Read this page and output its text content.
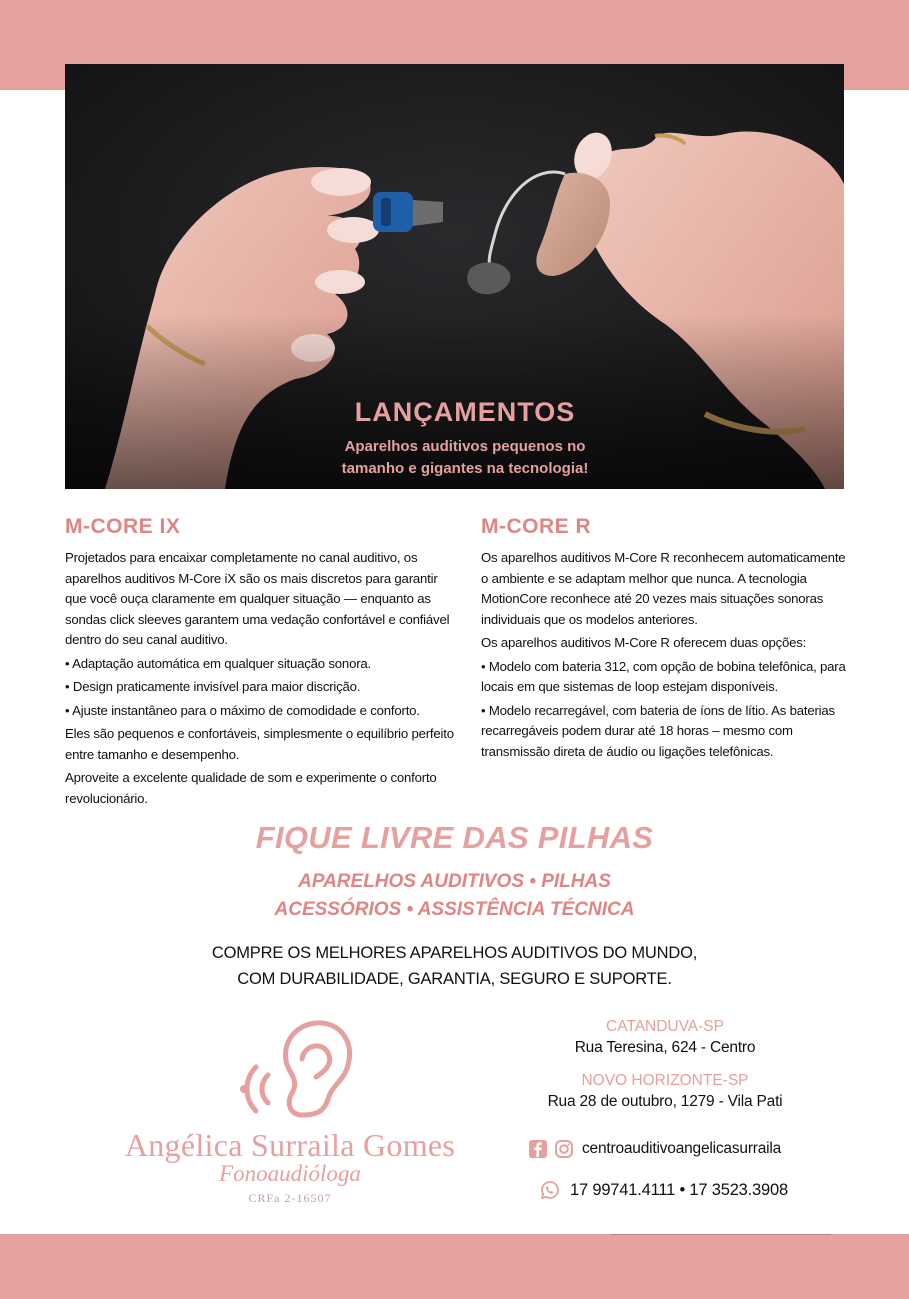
LANÇAMENTOS
Aparelhos auditivos pequenos no
tamanho e gigantes na tecnologia!
M-CORE IX

Projetados para encaixar completamente no canal auditivo, os aparelhos auditivos M-Core iX são os mais discretos para garantir que você ouça claramente em qualquer situação — enquanto as sondas click sleeves garantem uma vedação confortável e confiável dentro do seu canal auditivo.

• Adaptação automática em qualquer situação sonora.

• Design praticamente invisível para maior discrição.

• Ajuste instantâneo para o máximo de comodidade e conforto.

Eles são pequenos e confortáveis, simplesmente o equilíbrio perfeito entre tamanho e desempenho.

Aproveite a excelente qualidade de som e experimente o conforto revolucionário.

M-CORE R

Os aparelhos auditivos M-Core R reconhecem automaticamente o ambiente e se adaptam melhor que nunca. A tecnologia MotionCore reconhece até 20 vezes mais situações sonoras individuais que os modelos anteriores.

Os aparelhos auditivos M-Core R oferecem duas opções:

• Modelo com bateria 312, com opção de bobina telefônica, para locais em que sistemas de loop estejam disponíveis.

• Modelo recarregável, com bateria de íons de lítio. As baterias recarregáveis podem durar até 18 horas – mesmo com transmissão direta de áudio ou ligações telefônicas.

FIQUE LIVRE DAS PILHAS
APARELHOS AUDITIVOS • PILHAS
ACESSÓRIOS • ASSISTÊNCIA TÉCNICA
COMPRE OS MELHORES APARELHOS AUDITIVOS DO MUNDO,
COM DURABILIDADE, GARANTIA, SEGURO E SUPORTE.
Angélica Surraila Gomes
Fonoaudióloga
CRFa 2-16507
CATANDUVA-SP
Rua Teresina, 624 - Centro
NOVO HORIZONTE-SP
Rua 28 de outubro, 1279 - Vila Pati
centroauditivoangelicasurraila
17 99741.4111 • 17 3523.3908
